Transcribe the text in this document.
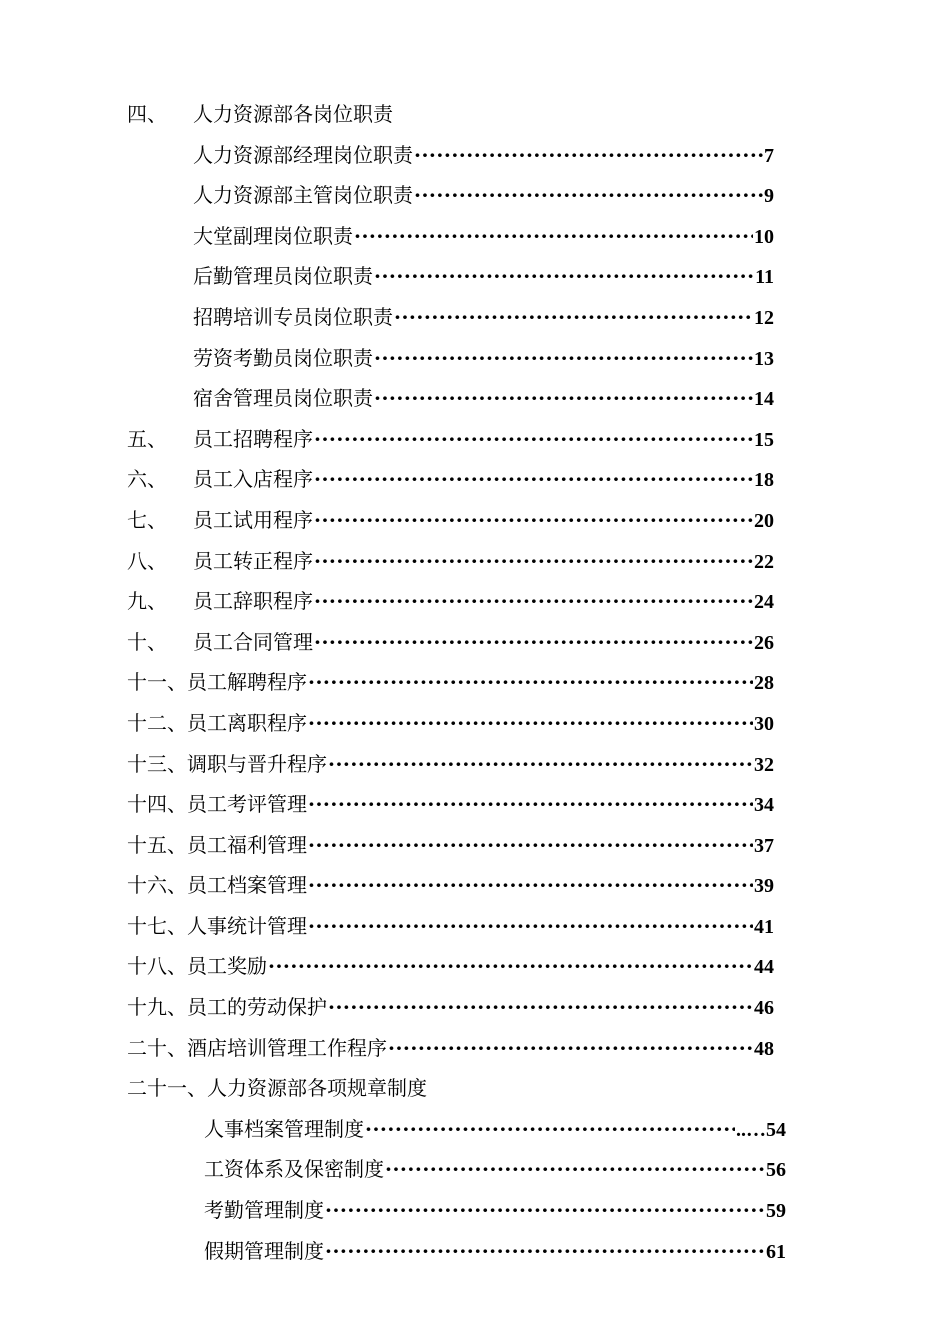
四、 人力资源部各岗位职责
人力资源部经理岗位职责 ·····	7
人力资源部主管岗位职责 ·····	9
大堂副理岗位职责 ·····	10
后勤管理员岗位职责 ·····	11
招聘培训专员岗位职责 ·····	12
劳资考勤员岗位职责 ·····	13
宿舍管理员岗位职责 ·····	14
五、 员工招聘程序 ·····	15
六、 员工入店程序 ·····	18
七、 员工试用程序 ·····	20
八、 员工转正程序 ·····	22
九、 员工辞职程序 ·····	24
十、 员工合同管理 ·····	26
十一、员工解聘程序 ·····	28
十二、员工离职程序 ·····	30
十三、调职与晋升程序 ·····	32
十四、员工考评管理 ·····	34
十五、员工福利管理 ·····	37
十六、员工档案管理 ·····	39
十七、人事统计管理 ·····	41
十八、员工奖励 ·····	44
十九、员工的劳动保护 ·····	46
二十、酒店培训管理工作程序 ·····	48
二十一、人力资源部各项规章制度
人事档案管理制度 ·····	..…54
工资体系及保密制度 ·····	56
考勤管理制度 ·····	59
假期管理制度 ·····	61
